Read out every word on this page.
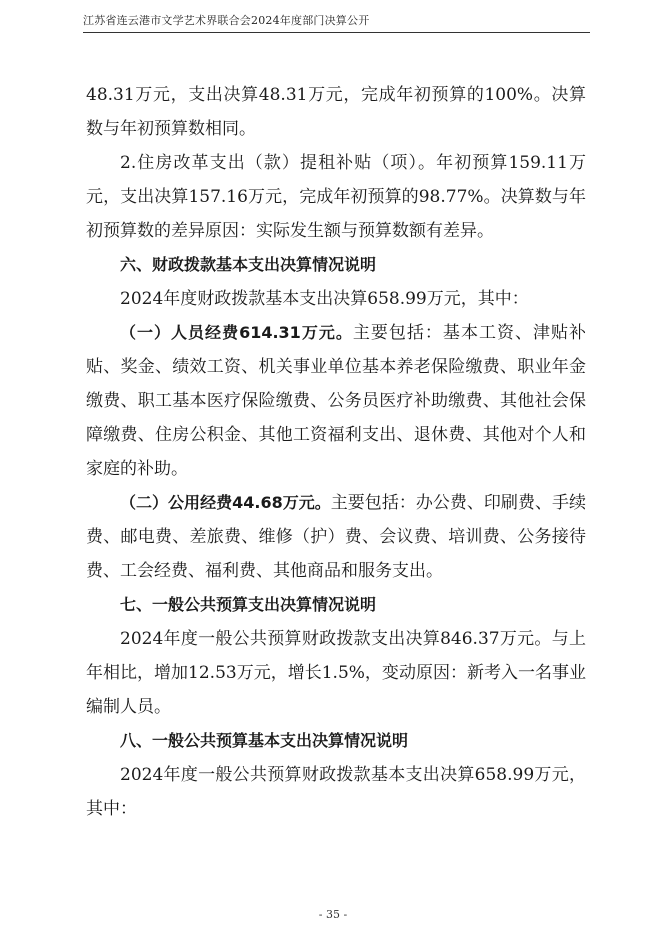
江苏省连云港市文学艺术界联合会2024年度部门决算公开

48.31万元，支出决算48.31万元，完成年初预算的100%。决算数与年初预算数相同。

2.住房改革支出（款）提租补贴（项）。年初预算159.11万元，支出决算157.16万元，完成年初预算的98.77%。决算数与年初预算数的差异原因：实际发生额与预算数额有差异。

六、财政拨款基本支出决算情况说明

2024年度财政拨款基本支出决算658.99万元，其中：

（一）人员经费614.31万元。主要包括：基本工资、津贴补贴、奖金、绩效工资、机关事业单位基本养老保险缴费、职业年金缴费、职工基本医疗保险缴费、公务员医疗补助缴费、其他社会保障缴费、住房公积金、其他工资福利支出、退休费、其他对个人和家庭的补助。

（二）公用经费44.68万元。主要包括：办公费、印刷费、手续费、邮电费、差旅费、维修（护）费、会议费、培训费、公务接待费、工会经费、福利费、其他商品和服务支出。

七、一般公共预算支出决算情况说明

2024年度一般公共预算财政拨款支出决算846.37万元。与上年相比，增加12.53万元，增长1.5%，变动原因：新考入一名事业编制人员。

八、一般公共预算基本支出决算情况说明

2024年度一般公共预算财政拨款基本支出决算658.99万元，其中：

- 35 -
